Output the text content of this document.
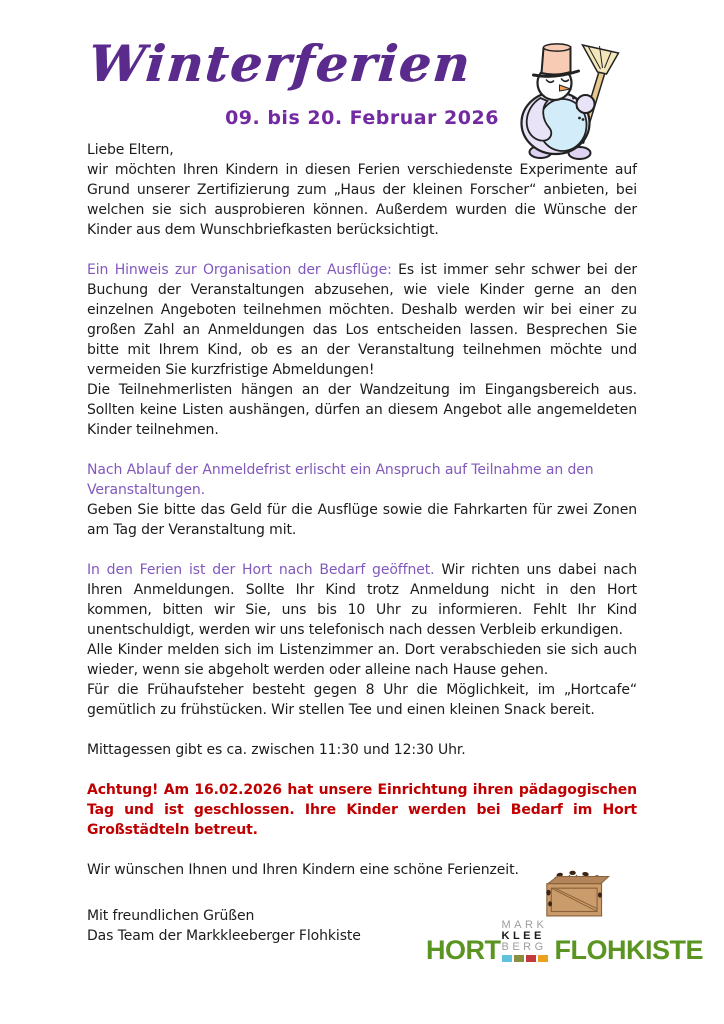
Winterferien
09. bis 20. Februar 2026

Liebe Eltern,

wir möchten Ihren Kindern in diesen Ferien verschiedenste Experimente auf Grund unserer Zertifizierung zum „Haus der kleinen Forscher“ anbieten, bei welchen sie sich ausprobieren können. Außerdem wurden die Wünsche der Kinder aus dem Wunschbriefkasten berücksichtigt.

Ein Hinweis zur Organisation der Ausflüge: Es ist immer sehr schwer bei der Buchung der Veranstaltungen abzusehen, wie viele Kinder gerne an den einzelnen Angeboten teilnehmen möchten. Deshalb werden wir bei einer zu großen Zahl an Anmeldungen das Los entscheiden lassen. Besprechen Sie bitte mit Ihrem Kind, ob es an der Veranstaltung teilnehmen möchte und vermeiden Sie kurzfristige Abmeldungen!

Die Teilnehmerlisten hängen an der Wandzeitung im Eingangsbereich aus. Sollten keine Listen aushängen, dürfen an diesem Angebot alle angemeldeten Kinder teilnehmen.

Nach Ablauf der Anmeldefrist erlischt ein Anspruch auf Teilnahme an den Veranstaltungen.

Geben Sie bitte das Geld für die Ausflüge sowie die Fahrkarten für zwei Zonen am Tag der Veranstaltung mit.

In den Ferien ist der Hort nach Bedarf geöffnet. Wir richten uns dabei nach Ihren Anmeldungen. Sollte Ihr Kind trotz Anmeldung nicht in den Hort kommen, bitten wir Sie, uns bis 10 Uhr zu informieren. Fehlt Ihr Kind unentschuldigt, werden wir uns telefonisch nach dessen Verbleib erkundigen.

Alle Kinder melden sich im Listenzimmer an. Dort verabschieden sie sich auch wieder, wenn sie abgeholt werden oder alleine nach Hause gehen.

Für die Frühaufsteher besteht gegen 8 Uhr die Möglichkeit, im „Hortcafe“ gemütlich zu frühstücken. Wir stellen Tee und einen kleinen Snack bereit.

Mittagessen gibt es ca. zwischen 11:30 und 12:30 Uhr.

Achtung! Am 16.02.2026 hat unsere Einrichtung ihren pädagogischen Tag und ist geschlossen. Ihre Kinder werden bei Bedarf im Hort Großstädteln betreut.

Wir wünschen Ihnen und Ihren Kindern eine schöne Ferienzeit.

Mit freundlichen Grüßen

Das Team der Markkleeberger Flohkiste	HORT
MARK
KLEE
BERG FLOHKISTE
